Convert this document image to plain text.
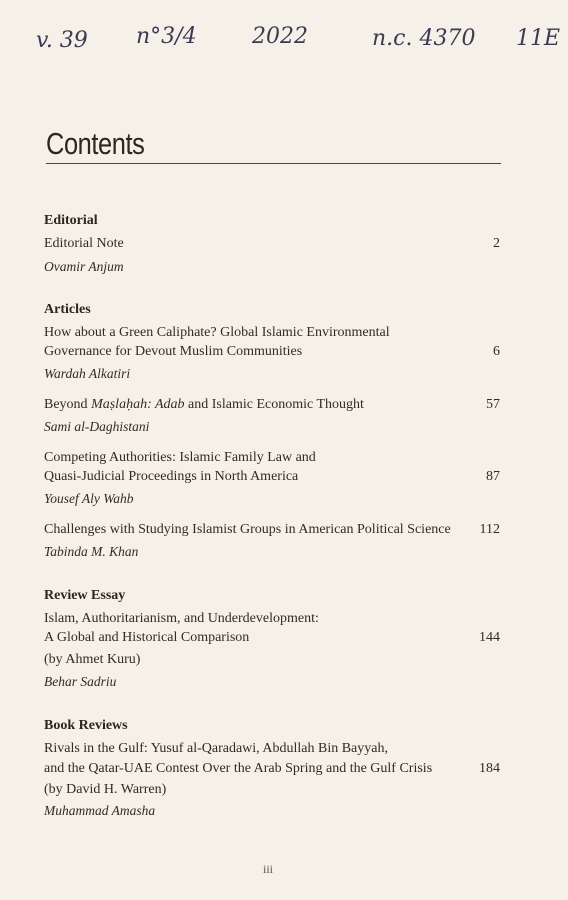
v. 39 n°3/4	2022	n.c. 4370 11E
Contents
Editorial
Editorial Note	2
Ovamir Anjum
Articles
How about a Green Caliphate? Global Islamic Environmental
Governance for Devout Muslim Communities	6
Wardah Alkatiri
Beyond Maṣlaḥah: Adab and Islamic Economic Thought	57
Sami al-Daghistani
Competing Authorities: Islamic Family Law and
Quasi-Judicial Proceedings in North America	87
Yousef Aly Wahb
Challenges with Studying Islamist Groups in American Political Science 112
Tabinda M. Khan
Review Essay
Islam, Authoritarianism, and Underdevelopment:
A Global and Historical Comparison	144
(by Ahmet Kuru)
Behar Sadriu
Book Reviews
Rivals in the Gulf: Yusuf al-Qaradawi, Abdullah Bin Bayyah,
and the Qatar-UAE Contest Over the Arab Spring and the Gulf Crisis	184
(by David H. Warren)
Muhammad Amasha
iii
